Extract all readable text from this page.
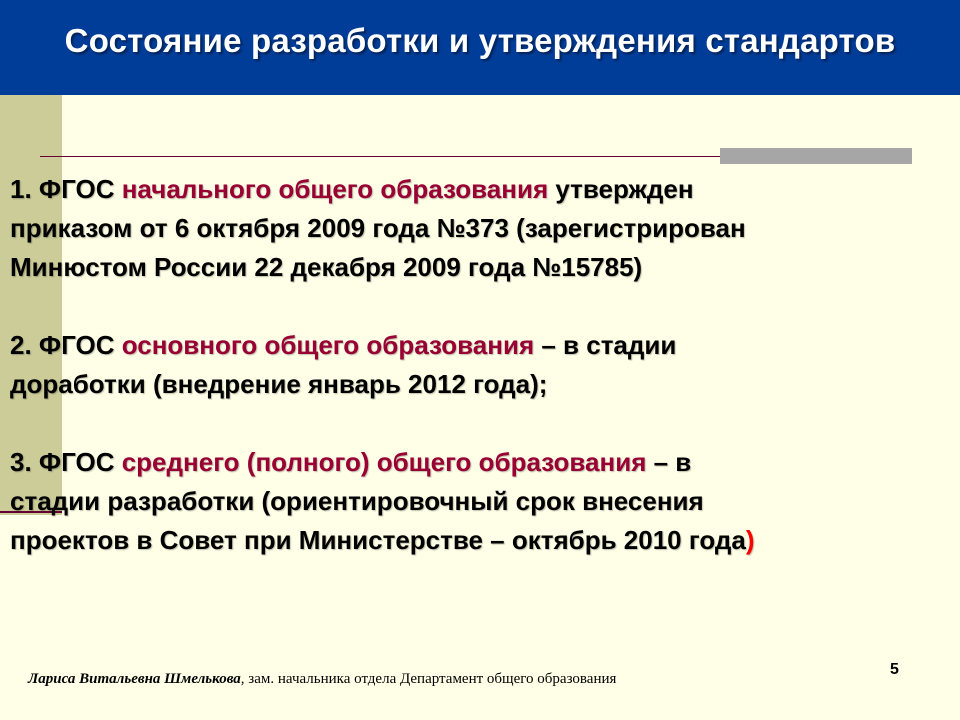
Состояние разработки и утверждения стандартов
1. ФГОС начального общего образования утвержден
приказом от 6 октября 2009 года №373 (зарегистрирован
Минюстом России 22 декабря 2009 года №15785)
2. ФГОС основного общего образования – в стадии
доработки (внедрение январь 2012 года);
3. ФГОС среднего (полного) общего образования – в
стадии разработки (ориентировочный срок внесения
проектов в Совет при Министерстве – октябрь 2010 года)
Лариса Витальевна Шмелькова, зам. начальника отдела Департамент общего образования
5
